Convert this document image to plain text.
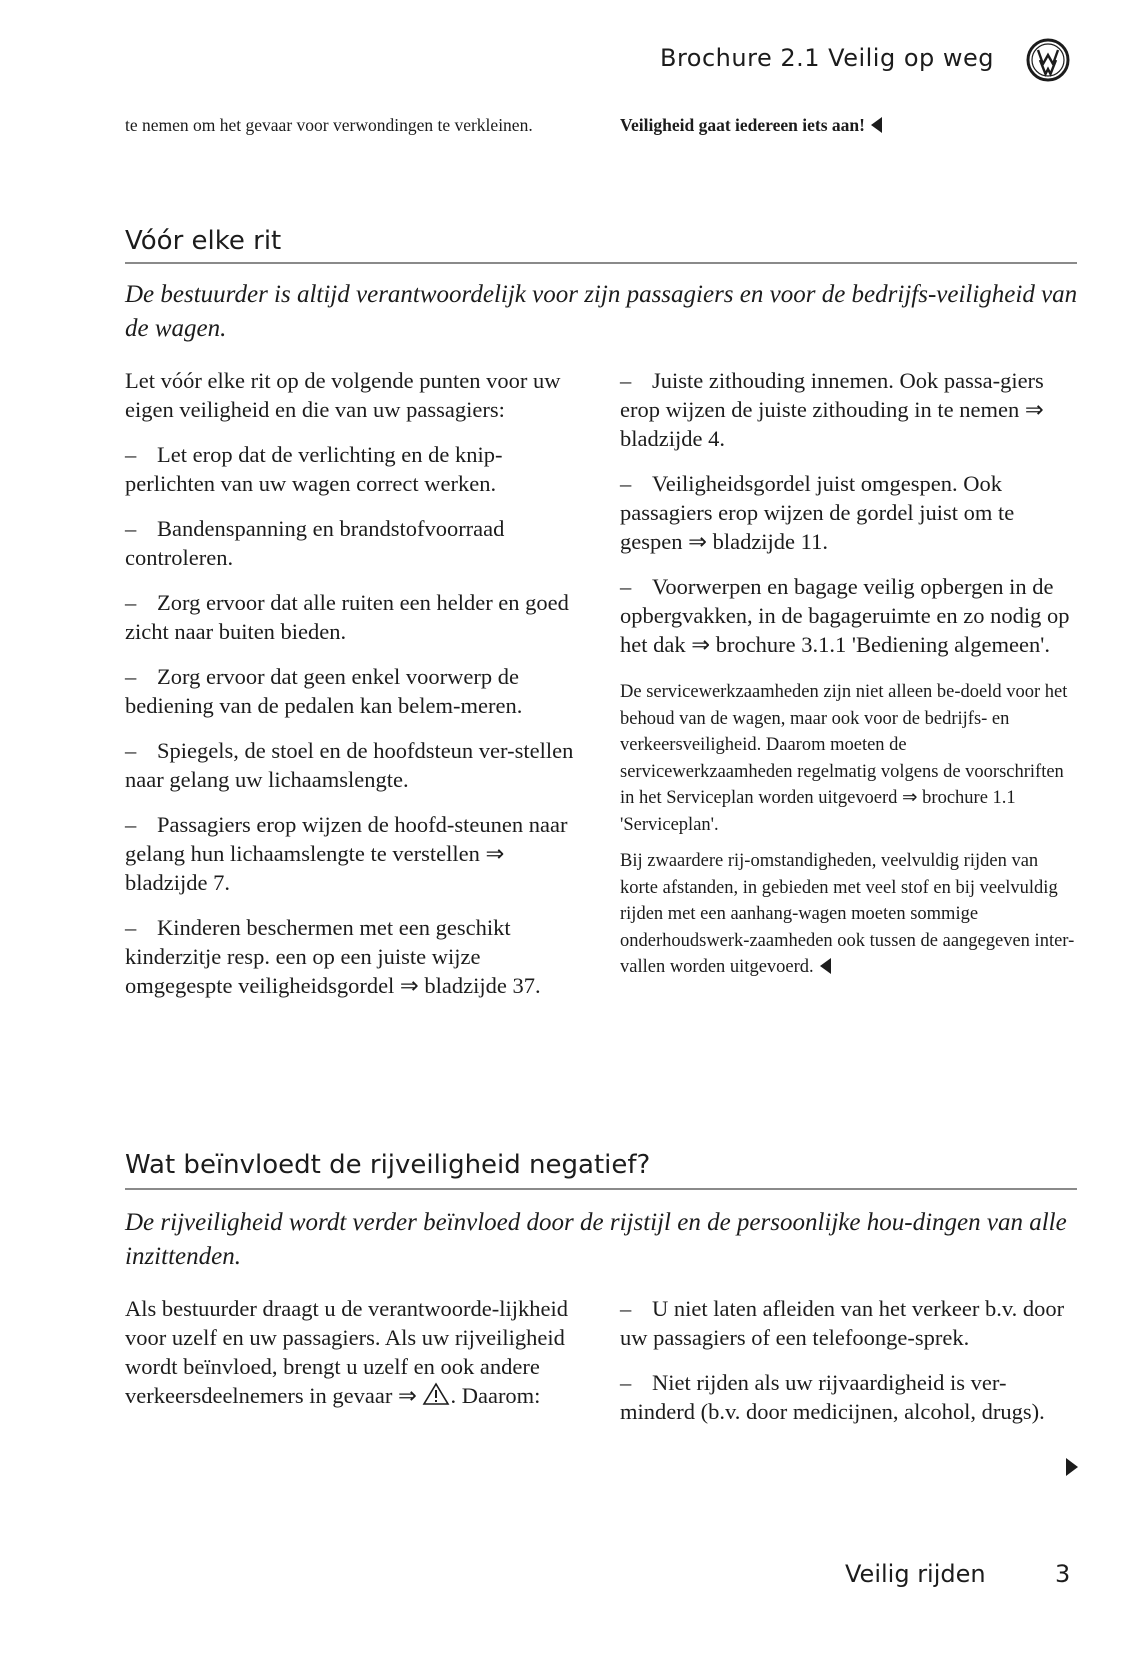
Brochure 2.1 Veilig op weg
te nemen om het gevaar voor verwondingen te verkleinen.	Veiligheid gaat iedereen iets aan!
Vóór elke rit
De bestuurder is altijd verantwoordelijk voor zijn passagiers en voor de bedrijfs-veiligheid van de wagen.

Let vóór elke rit op de volgende punten voor uw eigen veiligheid en die van uw passagiers:

– Let erop dat de verlichting en de knip-perlichten van uw wagen correct werken.

– Bandenspanning en brandstofvoorraad controleren.

– Zorg ervoor dat alle ruiten een helder en goed zicht naar buiten bieden.

– Zorg ervoor dat geen enkel voorwerp de bediening van de pedalen kan belem-meren.

– Spiegels, de stoel en de hoofdsteun ver-stellen naar gelang uw lichaamslengte.

– Passagiers erop wijzen de hoofd-steunen naar gelang hun lichaamslengte te verstellen ⇒ bladzijde 7.

– Kinderen beschermen met een geschikt kinderzitje resp. een op een juiste wijze omgegespte veiligheidsgordel ⇒ bladzijde 37.

– Juiste zithouding innemen. Ook passa-giers erop wijzen de juiste zithouding in te nemen ⇒ bladzijde 4.

– Veiligheidsgordel juist omgespen. Ook passagiers erop wijzen de gordel juist om te gespen ⇒ bladzijde 11.

– Voorwerpen en bagage veilig opbergen in de opbergvakken, in de bagageruimte en zo nodig op het dak ⇒ brochure 3.1.1 'Bediening algemeen'.

De servicewerkzaamheden zijn niet alleen be-doeld voor het behoud van de wagen, maar ook voor de bedrijfs- en verkeersveiligheid. Daarom moeten de servicewerkzaamheden regelmatig volgens de voorschriften in het Serviceplan worden uitgevoerd ⇒ brochure 1.1 'Serviceplan'.

Bij zwaardere rij-omstandigheden, veelvuldig rijden van korte afstanden, in gebieden met veel stof en bij veelvuldig rijden met een aanhang-wagen moeten sommige onderhoudswerk-zaamheden ook tussen de aangegeven inter-vallen worden uitgevoerd.

Wat beïnvloedt de rijveiligheid negatief?
De rijveiligheid wordt verder beïnvloed door de rijstijl en de persoonlijke hou-dingen van alle inzittenden.

Als bestuurder draagt u de verantwoorde-lijkheid voor uzelf en uw passagiers. Als uw rijveiligheid wordt beïnvloed, brengt u uzelf en ook andere verkeersdeelnemers in gevaar ⇒ . Daarom:

– U niet laten afleiden van het verkeer b.v. door uw passagiers of een telefoonge-sprek.

– Niet rijden als uw rijvaardigheid is ver-minderd (b.v. door medicijnen, alcohol, drugs).

Veilig rijden	3
